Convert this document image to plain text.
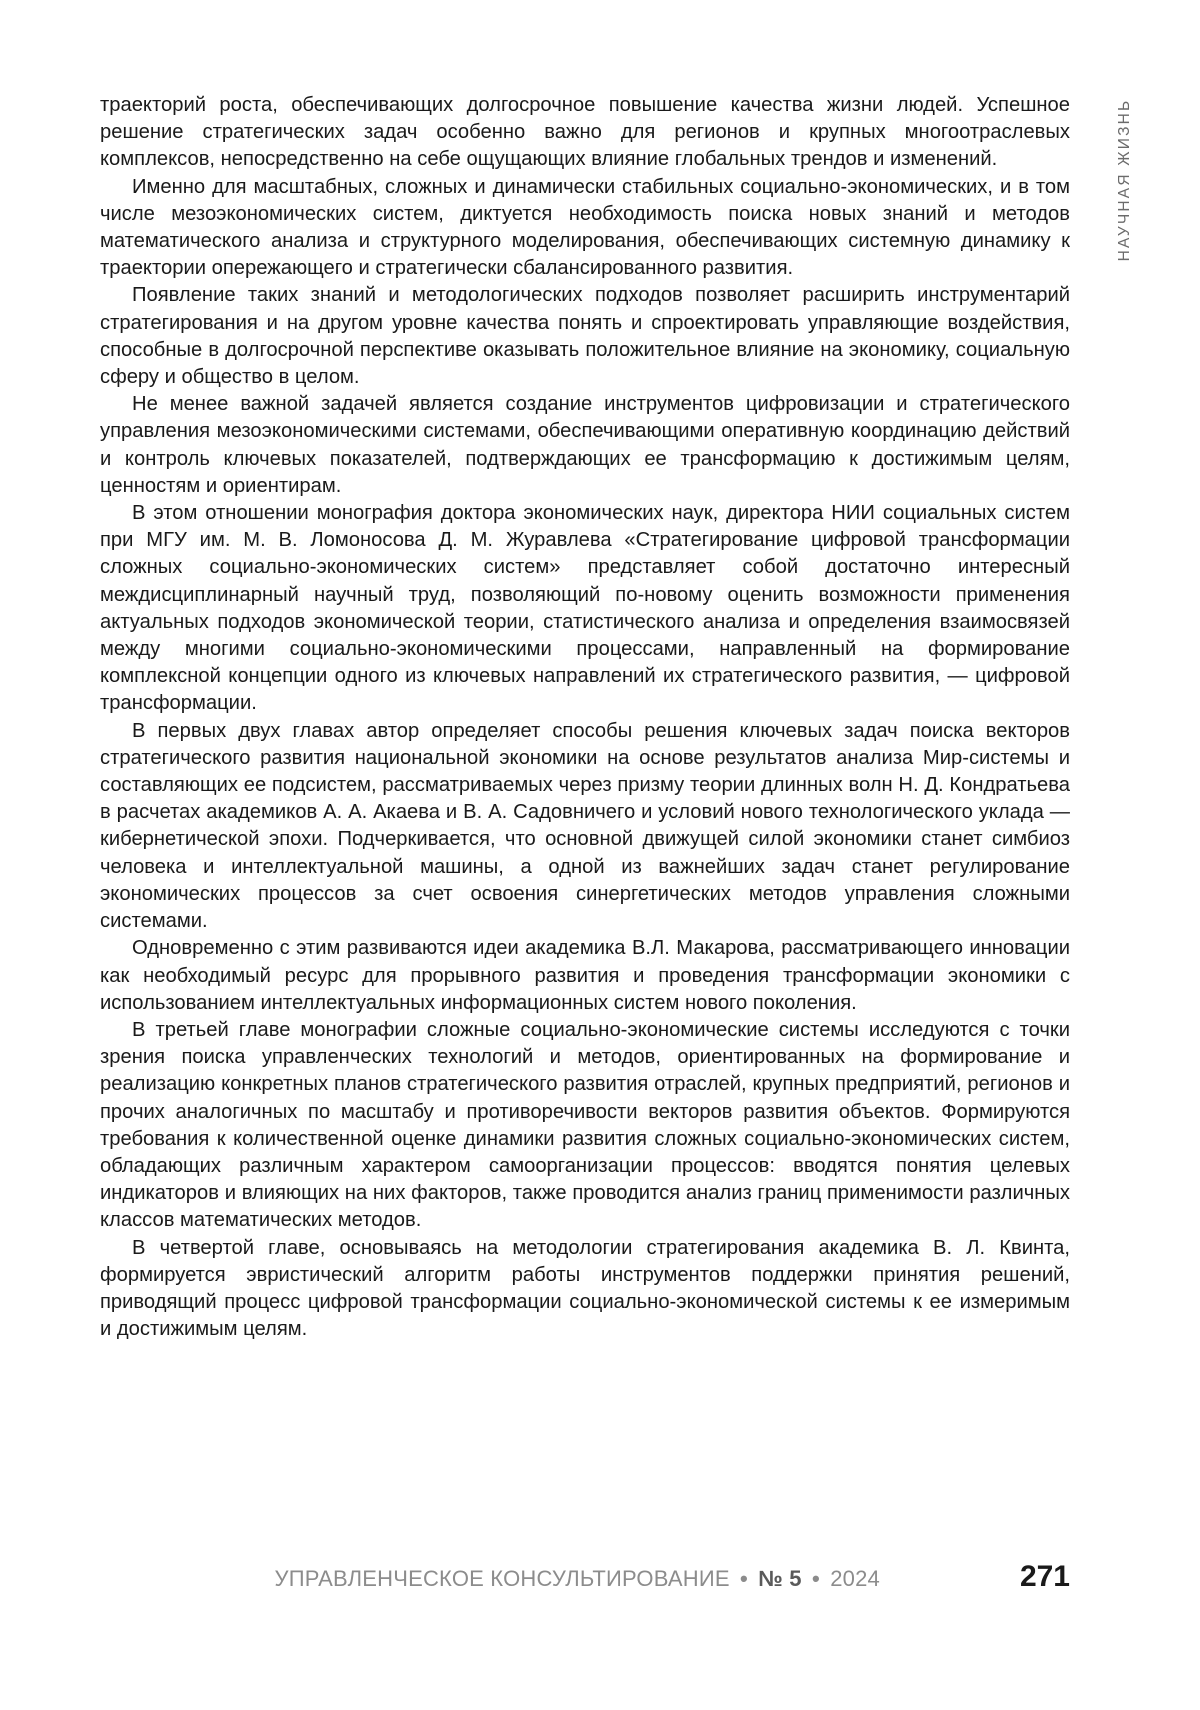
НАУЧНАЯ ЖИЗНЬ

траекторий роста, обеспечивающих долгосрочное повышение качества жизни людей. Успешное решение стратегических задач особенно важно для регионов и крупных многоотраслевых комплексов, непосредственно на себе ощущающих влияние гло­бальных трендов и изменений.

Именно для масштабных, сложных и динамически стабильных социально-экономи­ческих, и в том числе мезоэкономических систем, диктуется необходимость поиска новых знаний и методов математического анализа и структурного моделирования, обеспечивающих системную динамику к траектории опережающего и стратегически сбалансированного развития.

Появление таких знаний и методологических подходов позволяет расширить ин­струментарий стратегирования и на другом уровне качества понять и спроектировать управляющие воздействия, способные в долгосрочной перспективе оказывать поло­жительное влияние на экономику, социальную сферу и общество в целом.

Не менее важной задачей является создание инструментов цифровизации и стра­тегического управления мезоэкономическими системами, обеспечивающими опе­ративную координацию действий и контроль ключевых показателей, подтверждаю­щих ее трансформацию к достижимым целям, ценностям и ориентирам.

В этом отношении монография доктора экономических наук, директора НИИ социальных систем при МГУ им. М. В. Ломоносова Д. М. Журавлева «Стратегиро­вание цифровой трансформации сложных социально-экономических систем» пред­ставляет собой достаточно интересный междисциплинарный научный труд, позво­ляющий по-новому оценить возможности применения актуальных подходов эконо­мической теории, статистического анализа и определения взаимосвязей между многими социально-экономическими процессами, направленный на формирование комплексной концепции одного из ключевых направлений их стратегического раз­вития, — цифровой трансформации.

В первых двух главах автор определяет способы решения ключевых задач по­иска векторов стратегического развития национальной экономики на основе ре­зультатов анализа Мир-системы и составляющих ее подсистем, рассматриваемых через призму теории длинных волн Н. Д. Кондратьева в расчетах академиков А. А. Акаева и В. А. Садовничего и условий нового технологического уклада — ки­бернетической эпохи. Подчеркивается, что основной движущей силой экономики станет симбиоз человека и интеллектуальной машины, а одной из важнейших за­дач станет регулирование экономических процессов за счет освоения синергети­ческих методов управления сложными системами.

Одновременно с этим развиваются идеи академика В.Л. Макарова, рассматри­вающего инновации как необходимый ресурс для прорывного развития и прове­дения трансформации экономики с использованием интеллектуальных информа­ционных систем нового поколения.

В третьей главе монографии сложные социально-экономические системы ис­следуются с точки зрения поиска управленческих технологий и методов, ориенти­рованных на формирование и реализацию конкретных планов стратегического развития отраслей, крупных предприятий, регионов и прочих аналогичных по мас­штабу и противоречивости векторов развития объектов. Формируются требования к количественной оценке динамики развития сложных социально-экономических систем, обладающих различным характером самоорганизации процессов: вводят­ся понятия целевых индикаторов и влияющих на них факторов, также проводится анализ границ применимости различных классов математических методов.

В четвертой главе, основываясь на методологии стратегирования академика В. Л. Квинта, формируется эвристический алгоритм работы инструментов поддерж­ки принятия решений, приводящий процесс цифровой трансформации социально-экономической системы к ее измеримым и достижимым целям.

УПРАВЛЕНЧЕСКОЕ КОНСУЛЬТИРОВАНИЕ • № 5 • 2024	271
